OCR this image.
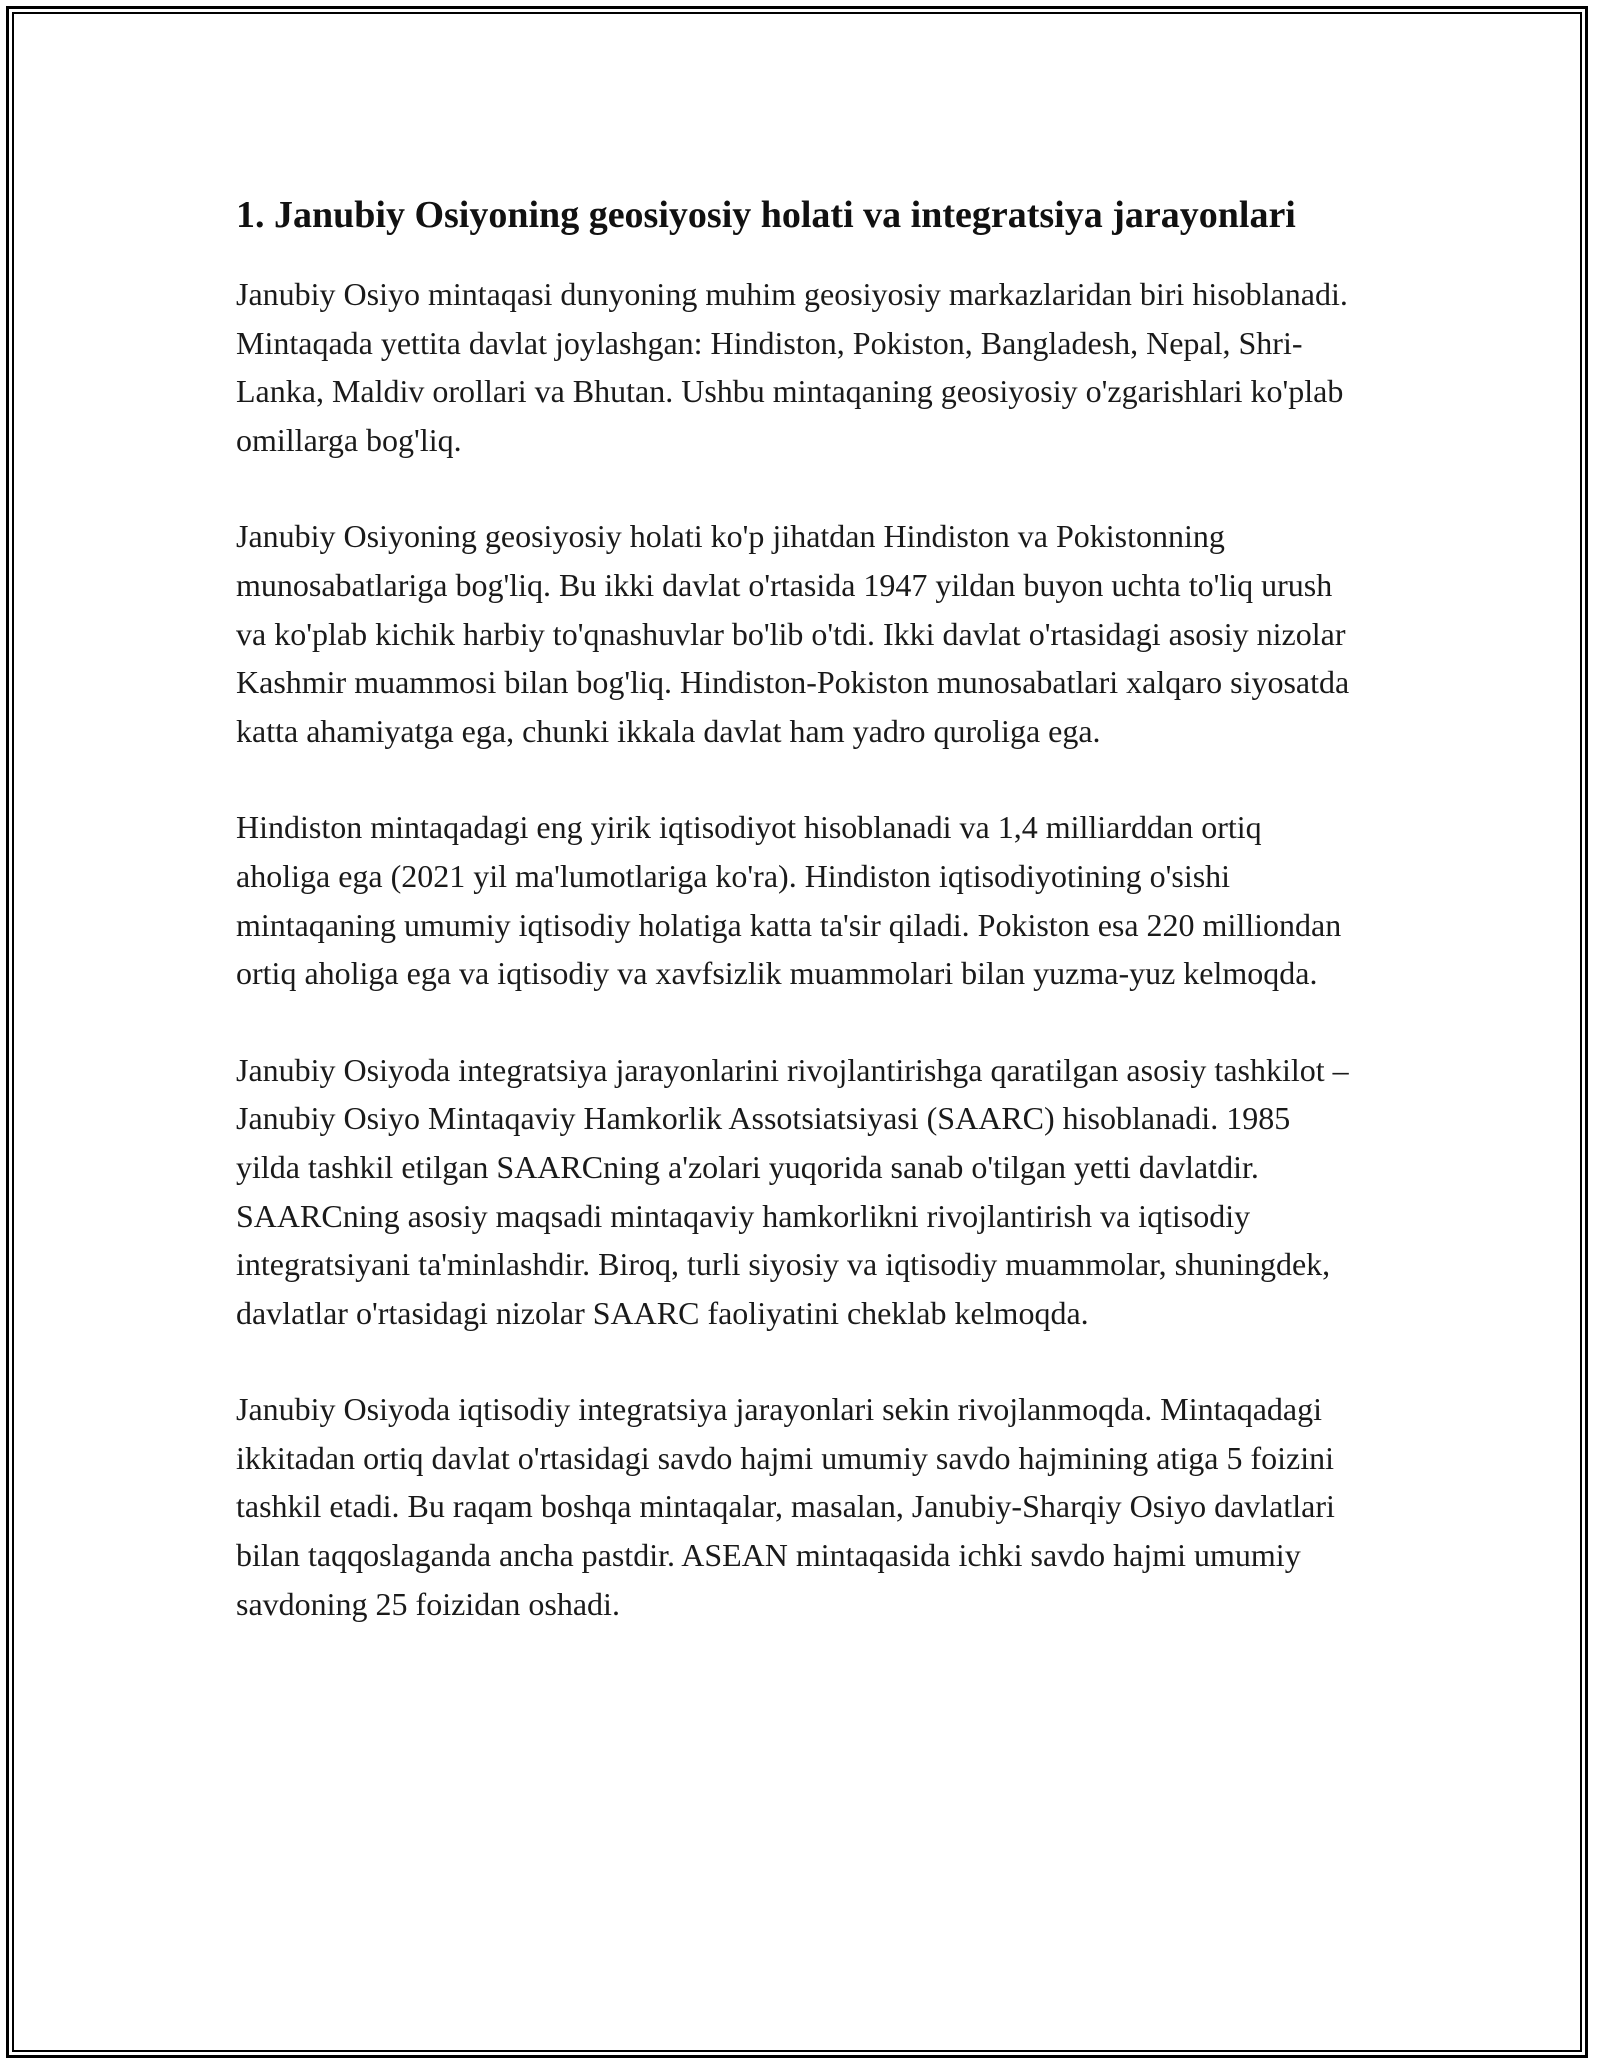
1. Janubiy Osiyoning geosiyosiy holati va integratsiya jarayonlari

Janubiy Osiyo mintaqasi dunyoning muhim geosiyosiy markazlaridan biri hisoblanadi. Mintaqada yettita davlat joylashgan: Hindiston, Pokiston, Bangladesh, Nepal, Shri-Lanka, Maldiv orollari va Bhutan. Ushbu mintaqaning geosiyosiy o'zgarishlari ko'plab omillarga bog'liq.

Janubiy Osiyoning geosiyosiy holati ko'p jihatdan Hindiston va Pokistonning munosabatlariga bog'liq. Bu ikki davlat o'rtasida 1947 yildan buyon uchta to'liq urush va ko'plab kichik harbiy to'qnashuvlar bo'lib o'tdi. Ikki davlat o'rtasidagi asosiy nizolar Kashmir muammosi bilan bog'liq. Hindiston-Pokiston munosabatlari xalqaro siyosatda katta ahamiyatga ega, chunki ikkala davlat ham yadro quroliga ega.

Hindiston mintaqadagi eng yirik iqtisodiyot hisoblanadi va 1,4 milliarddan ortiq aholiga ega (2021 yil ma'lumotlariga ko'ra). Hindiston iqtisodiyotining o'sishi mintaqaning umumiy iqtisodiy holatiga katta ta'sir qiladi. Pokiston esa 220 milliondan ortiq aholiga ega va iqtisodiy va xavfsizlik muammolari bilan yuzma-yuz kelmoqda.

Janubiy Osiyoda integratsiya jarayonlarini rivojlantirishga qaratilgan asosiy tashkilot – Janubiy Osiyo Mintaqaviy Hamkorlik Assotsiatsiyasi (SAARC) hisoblanadi. 1985 yilda tashkil etilgan SAARCning a'zolari yuqorida sanab o'tilgan yetti davlatdir. SAARCning asosiy maqsadi mintaqaviy hamkorlikni rivojlantirish va iqtisodiy integratsiyani ta'minlashdir. Biroq, turli siyosiy va iqtisodiy muammolar, shuningdek, davlatlar o'rtasidagi nizolar SAARC faoliyatini cheklab kelmoqda.

Janubiy Osiyoda iqtisodiy integratsiya jarayonlari sekin rivojlanmoqda. Mintaqadagi ikkitadan ortiq davlat o'rtasidagi savdo hajmi umumiy savdo hajmining atiga 5 foizini tashkil etadi. Bu raqam boshqa mintaqalar, masalan, Janubiy-Sharqiy Osiyo davlatlari bilan taqqoslaganda ancha pastdir. ASEAN mintaqasida ichki savdo hajmi umumiy savdoning 25 foizidan oshadi.
